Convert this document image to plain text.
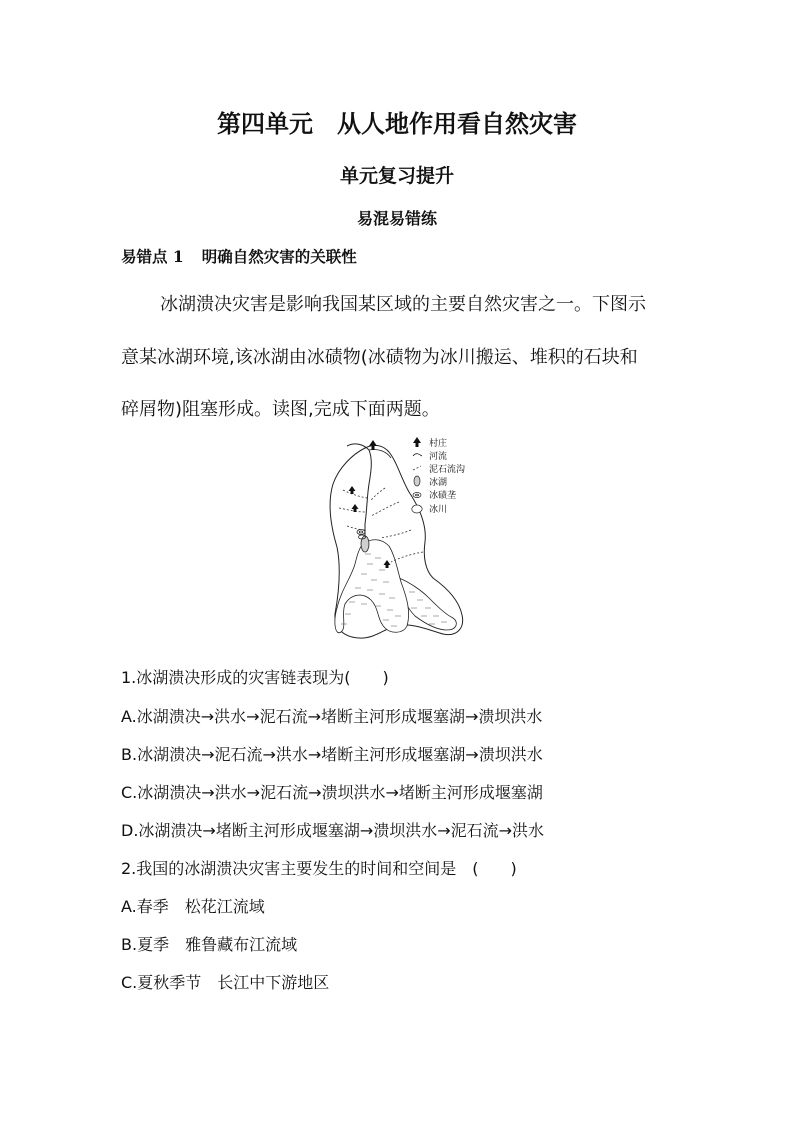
第四单元　从人地作用看自然灾害
单元复习提升
易混易错练
易错点 1 明确自然灾害的关联性
冰湖溃决灾害是影响我国某区域的主要自然灾害之一。下图示
意某冰湖环境,该冰湖由冰碛物(冰碛物为冰川搬运、堆积的石块和
碎屑物)阻塞形成。读图,完成下面两题。
村庄
河流
泥石流沟
冰湖
冰碛垄
冰川
1.冰湖溃决形成的灾害链表现为(　　)
A.冰湖溃决→洪水→泥石流→堵断主河形成堰塞湖→溃坝洪水
B.冰湖溃决→泥石流→洪水→堵断主河形成堰塞湖→溃坝洪水
C.冰湖溃决→洪水→泥石流→溃坝洪水→堵断主河形成堰塞湖
D.冰湖溃决→堵断主河形成堰塞湖→溃坝洪水→泥石流→洪水
2.我国的冰湖溃决灾害主要发生的时间和空间是　(　　)
A.春季　松花江流域
B.夏季　雅鲁藏布江流域
C.夏秋季节　长江中下游地区
